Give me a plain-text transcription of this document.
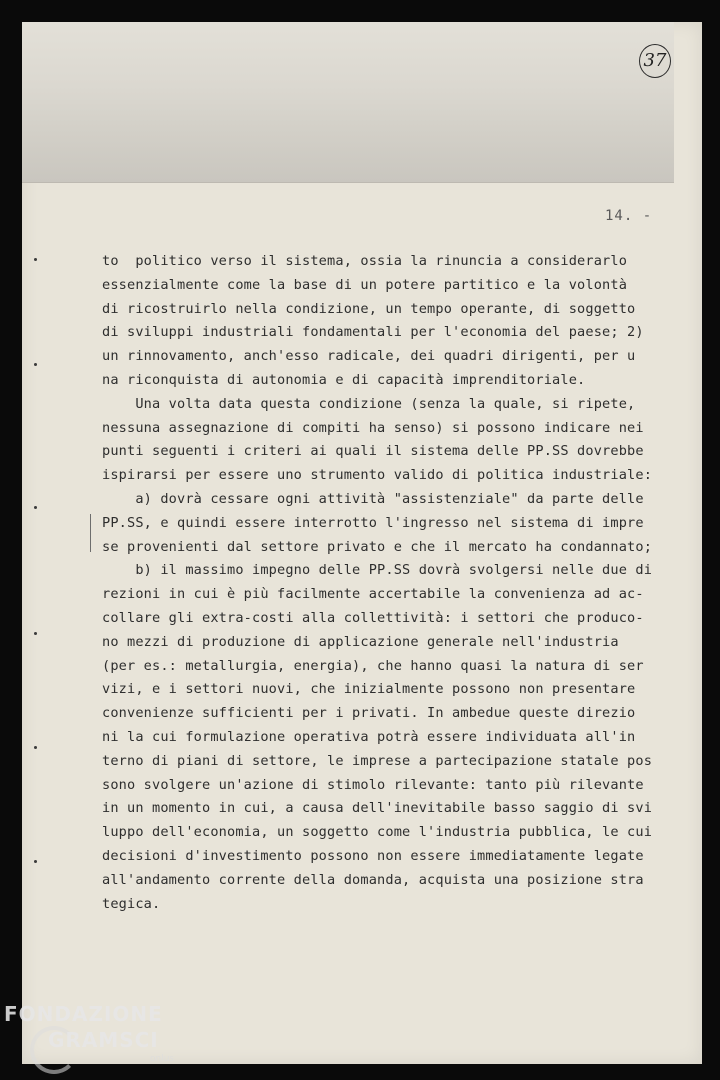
37
14. -
to  politico verso il sistema, ossia la rinuncia a considerarlo
essenzialmente come la base di un potere partitico e la volontà
di ricostruirlo nella condizione, un tempo operante, di soggetto
di sviluppi industriali fondamentali per l'economia del paese; 2)
un rinnovamento, anch'esso radicale, dei quadri dirigenti, per u
na riconquista di autonomia e di capacità imprenditoriale.
Una volta data questa condizione (senza la quale, si ripete,
nessuna assegnazione di compiti ha senso) si possono indicare nei
punti seguenti i criteri ai quali il sistema delle PP.SS dovrebbe
ispirarsi per essere uno strumento valido di politica industriale:
a) dovrà cessare ogni attività "assistenziale" da parte delle
PP.SS, e quindi essere interrotto l'ingresso nel sistema di impre
se provenienti dal settore privato e che il mercato ha condannato;
b) il massimo impegno delle PP.SS dovrà svolgersi nelle due di
rezioni in cui è più facilmente accertabile la convenienza ad ac-
collare gli extra-costi alla collettività: i settori che produco-
no mezzi di produzione di applicazione generale nell'industria
(per es.: metallurgia, energia), che hanno quasi la natura di ser
vizi, e i settori nuovi, che inizialmente possono non presentare
convenienze sufficienti per i privati. In ambedue queste direzio
ni la cui formulazione operativa potrà essere individuata all'in
terno di piani di settore, le imprese a partecipazione statale pos
sono svolgere un'azione di stimolo rilevante: tanto più rilevante
in un momento in cui, a causa dell'inevitabile basso saggio di svi
luppo dell'economia, un soggetto come l'industria pubblica, le cui
decisioni d'investimento possono non essere immediatamente legate
all'andamento corrente della domanda, acquista una posizione stra
tegica.
FONDAZIONE
GRAMSCI
onlus
